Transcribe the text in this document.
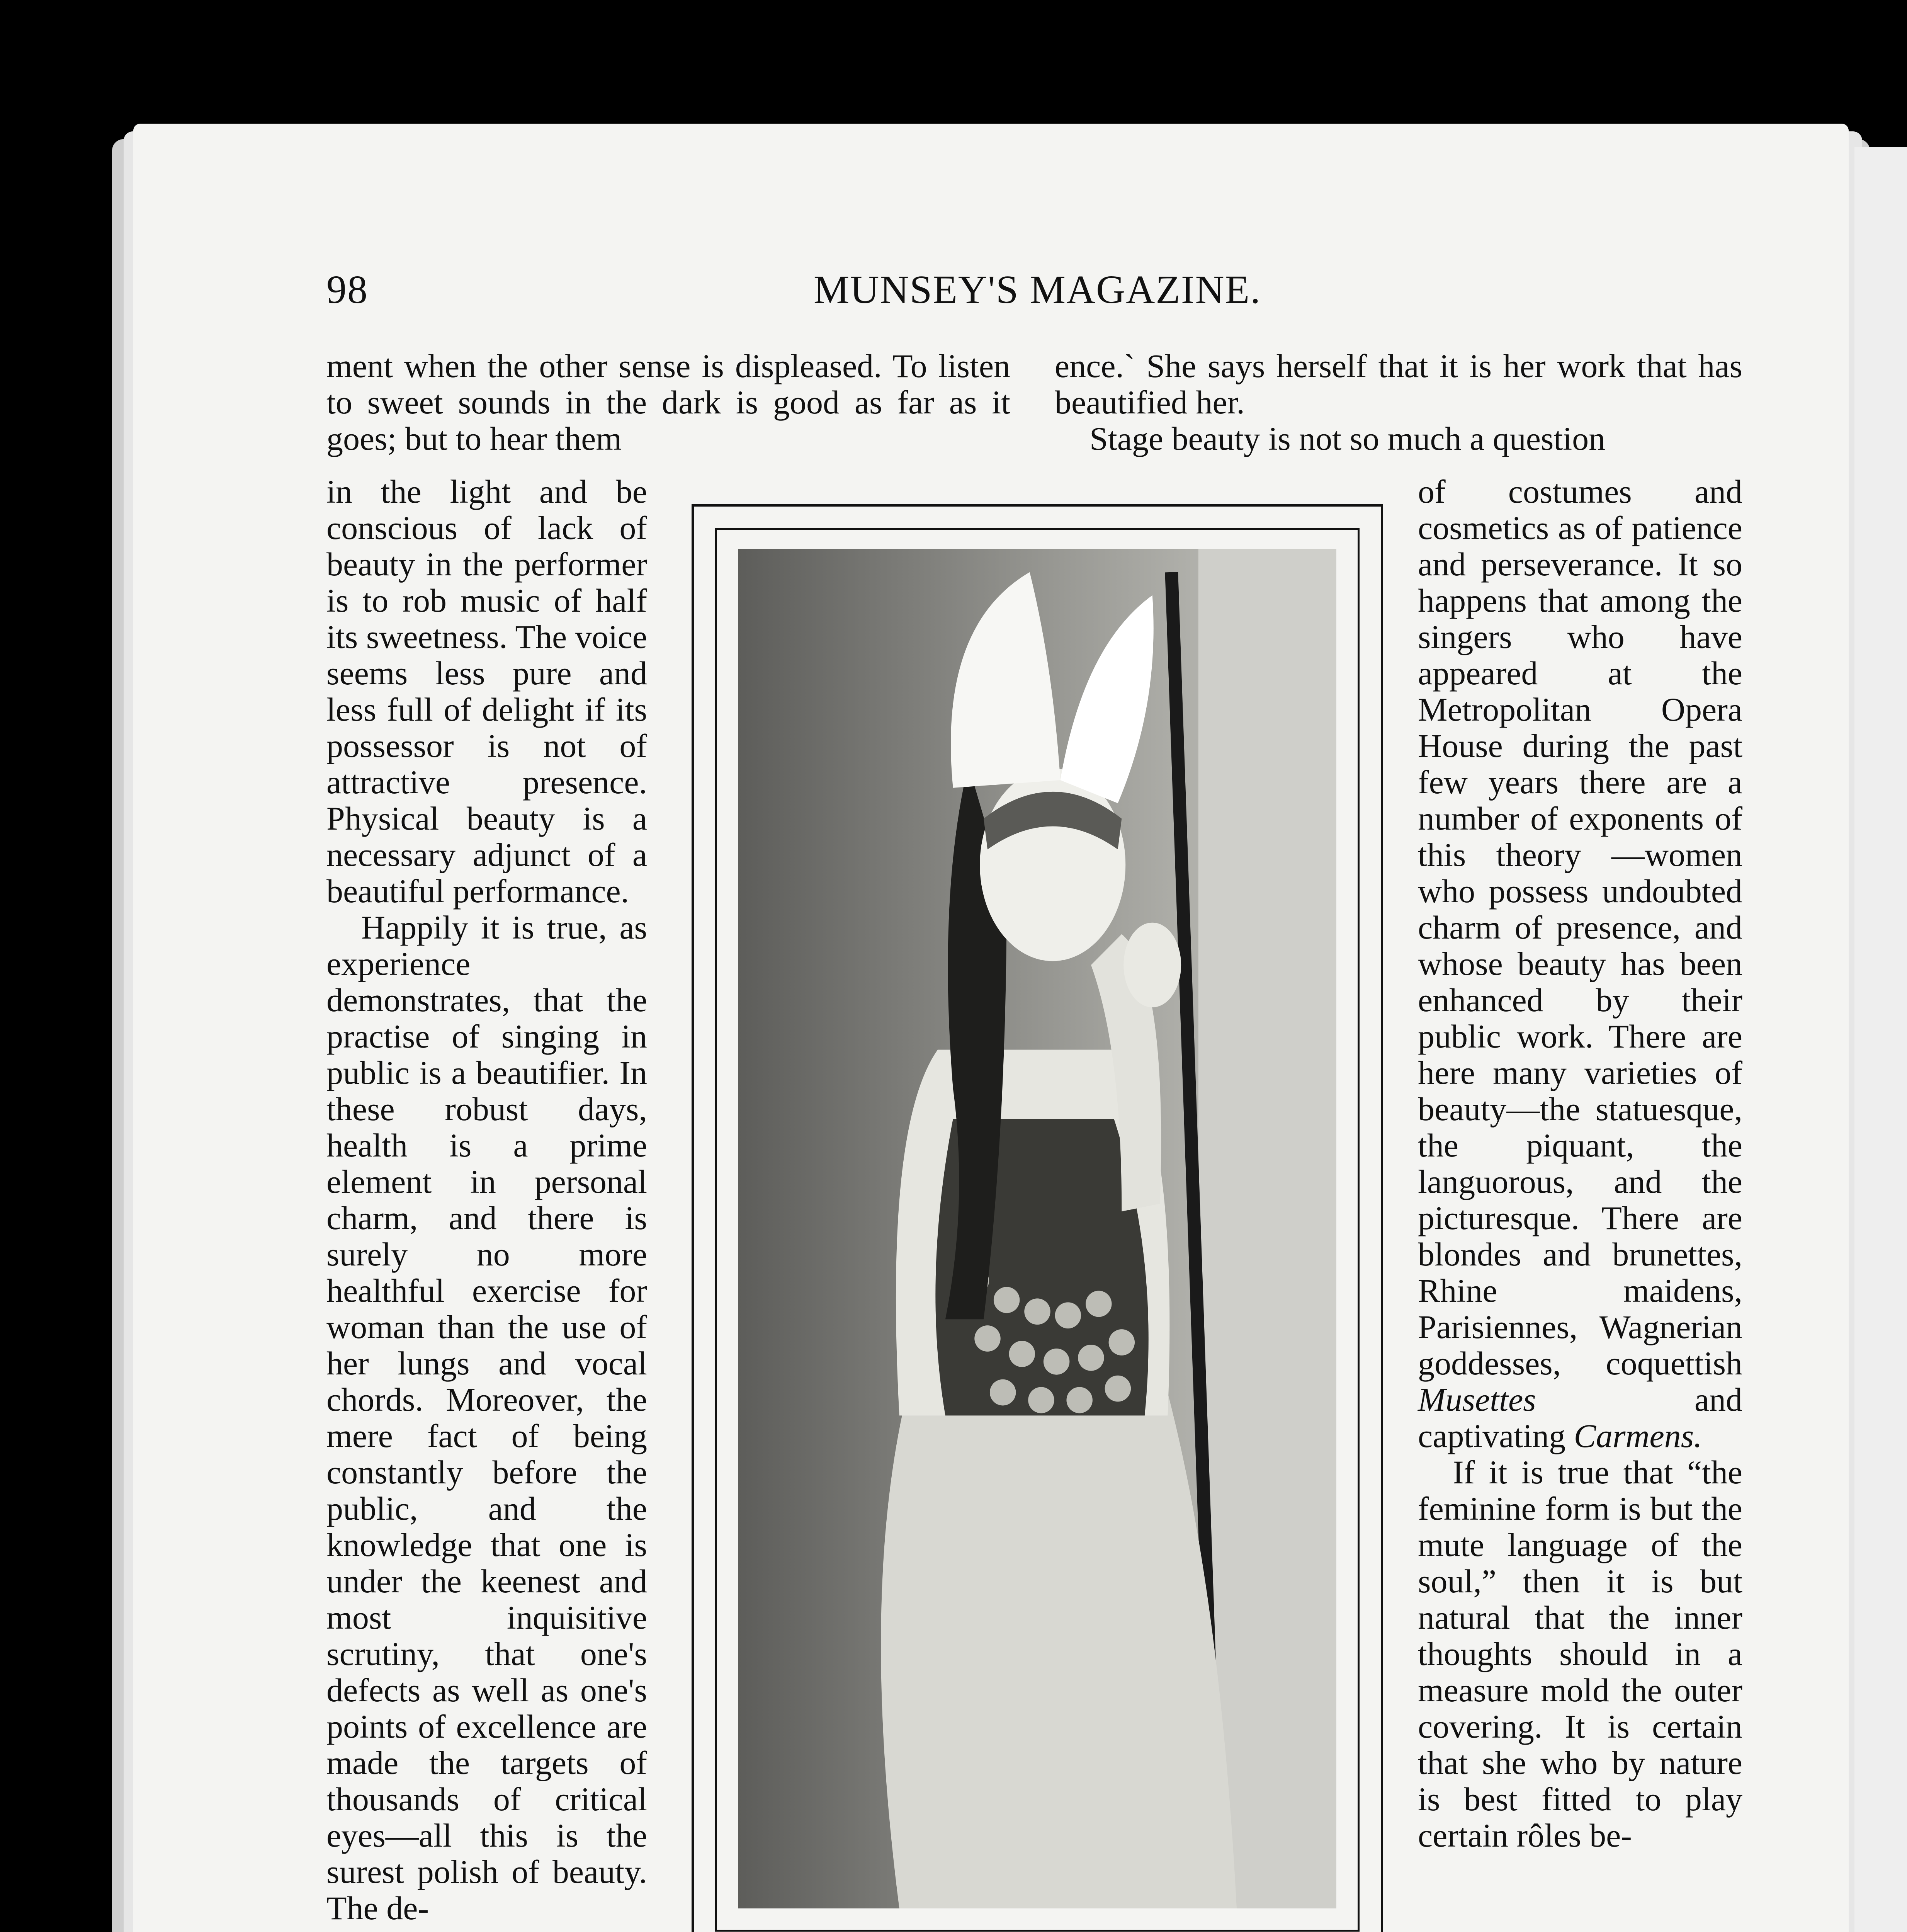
98	MUNSEY'S MAGAZINE.

ment when the other sense is displeased. To listen to sweet sounds in the dark is good as far as it goes; but to hear them

ence.` She says herself that it is her work that has beautified her.

Stage beauty is not so much a question

in the light and be conscious of lack of beauty in the performer is to rob music of half its sweetness. The voice seems less pure and less full of delight if its possessor is not of attractive presence. Physical beauty is a necessary adjunct of a beautiful performance.

Happily it is true, as experience demonstrates, that the practise of singing in public is a beautifier. In these robust days, health is a prime element in personal charm, and there is surely no more healthful exercise for woman than the use of her lungs and vocal chords. Moreover, the mere fact of being constantly before the public, and the knowledge that one is under the keenest and most inquisitive scrutiny, that one's defects as well as one's points of excellence are made the targets of thousands of critical eyes—all this is the surest polish of beauty. The de-

of costumes and cosmetics as of patience and perseverance. It so happens that among the singers who have appeared at the Metropolitan Opera House during the past few years there are a number of exponents of this theory —women who possess undoubted charm of presence, and whose beauty has been enhanced by their public work. There are here many varieties of beauty—the statuesque, the piquant, the languorous, and the picturesque. There are blondes and brunettes, Rhine maidens, Parisiennes, Wagnerian goddesses, coquettish Musettes and captivating Carmens.

If it is true that “the feminine form is but the mute language of the soul,” then it is but natural that the inner thoughts should in a measure mold the outer covering. It is certain that she who by nature is best fitted to play certain rôles be-
